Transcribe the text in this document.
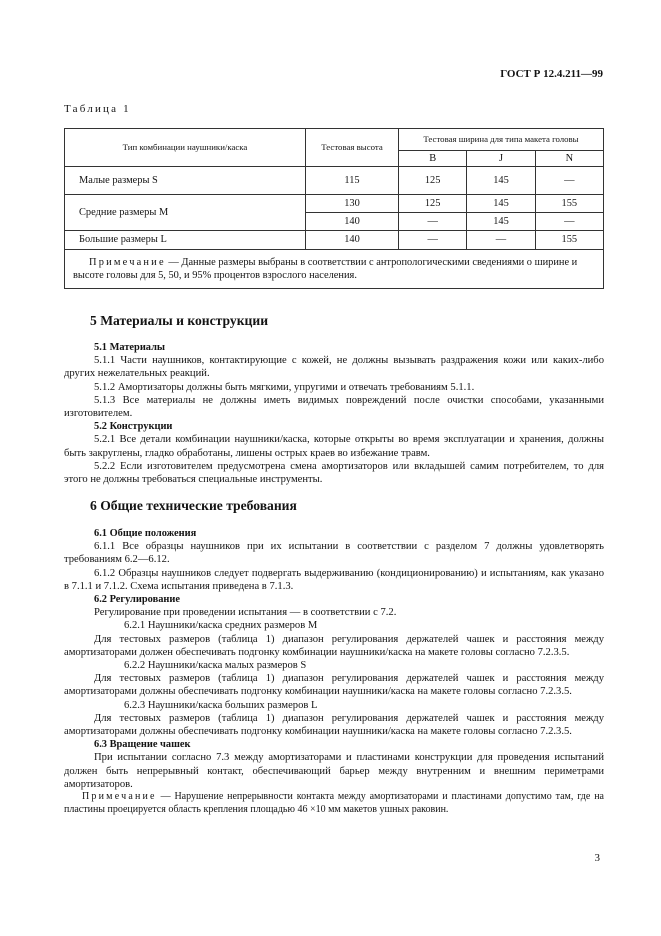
ГОСТ Р 12.4.211—99
Таблица 1
Тип комбинации наушники/каска	Тестовая высота	Тестовая ширина для типа макета головы		
		B	J	N
Малые размеры S	115	125	145	—
Средние размеры M	130	125	145	155
	140	—	145	—
Большие размеры L	140	—	—	155
Примечание — Данные размеры выбраны в соответствии с антропологическими сведениями о ширине и высоте головы для 5, 50, и 95% процентов взрослого населения.				
5 Материалы и конструкции

5.1 Материалы

5.1.1 Части наушников, контактирующие с кожей, не должны вызывать раздражения кожи или каких-либо других нежелательных реакций.

5.1.2 Амортизаторы должны быть мягкими, упругими и отвечать требованиям 5.1.1.

5.1.3 Все материалы не должны иметь видимых повреждений после очистки способами, указанными изготовителем.

5.2 Конструкции

5.2.1 Все детали комбинации наушники/каска, которые открыты во время эксплуатации и хранения, должны быть закруглены, гладко обработаны, лишены острых краев во избежание травм.

5.2.2 Если изготовителем предусмотрена смена амортизаторов или вкладышей самим потребителем, то для этого не должны требоваться специальные инструменты.

6 Общие технические требования

6.1 Общие положения

6.1.1 Все образцы наушников при их испытании в соответствии с разделом 7 должны удовлетворять требованиям 6.2—6.12.

6.1.2 Образцы наушников следует подвергать выдерживанию (кондиционированию) и испытаниям, как указано в 7.1.1 и 7.1.2. Схема испытания приведена в 7.1.3.

6.2 Регулирование

Регулирование при проведении испытания — в соответствии с 7.2.

6.2.1 Наушники/каска средних размеров M

Для тестовых размеров (таблица 1) диапазон регулирования держателей чашек и расстояния между амортизаторами должен обеспечивать подгонку комбинации наушники/каска на макете головы согласно 7.2.3.5.

6.2.2 Наушники/каска малых размеров S

Для тестовых размеров (таблица 1) диапазон регулирования держателей чашек и расстояния между амортизаторами должны обеспечивать подгонку комбинации наушники/каска на макете головы согласно 7.2.3.5.

6.2.3 Наушники/каска больших размеров L

Для тестовых размеров (таблица 1) диапазон регулирования держателей чашек и расстояния между амортизаторами должны обеспечивать подгонку комбинации наушники/каска на макете головы согласно 7.2.3.5.

6.3 Вращение чашек

При испытании согласно 7.3 между амортизаторами и пластинами конструкции для проведения испытаний должен быть непрерывный контакт, обеспечивающий барьер между внутренним и внешним периметрами амортизаторов.

Примечание — Нарушение непрерывности контакта между амортизаторами и пластинами допустимо там, где на пластины проецируется область крепления площадью 46 ×10 мм макетов ушных раковин.

3
